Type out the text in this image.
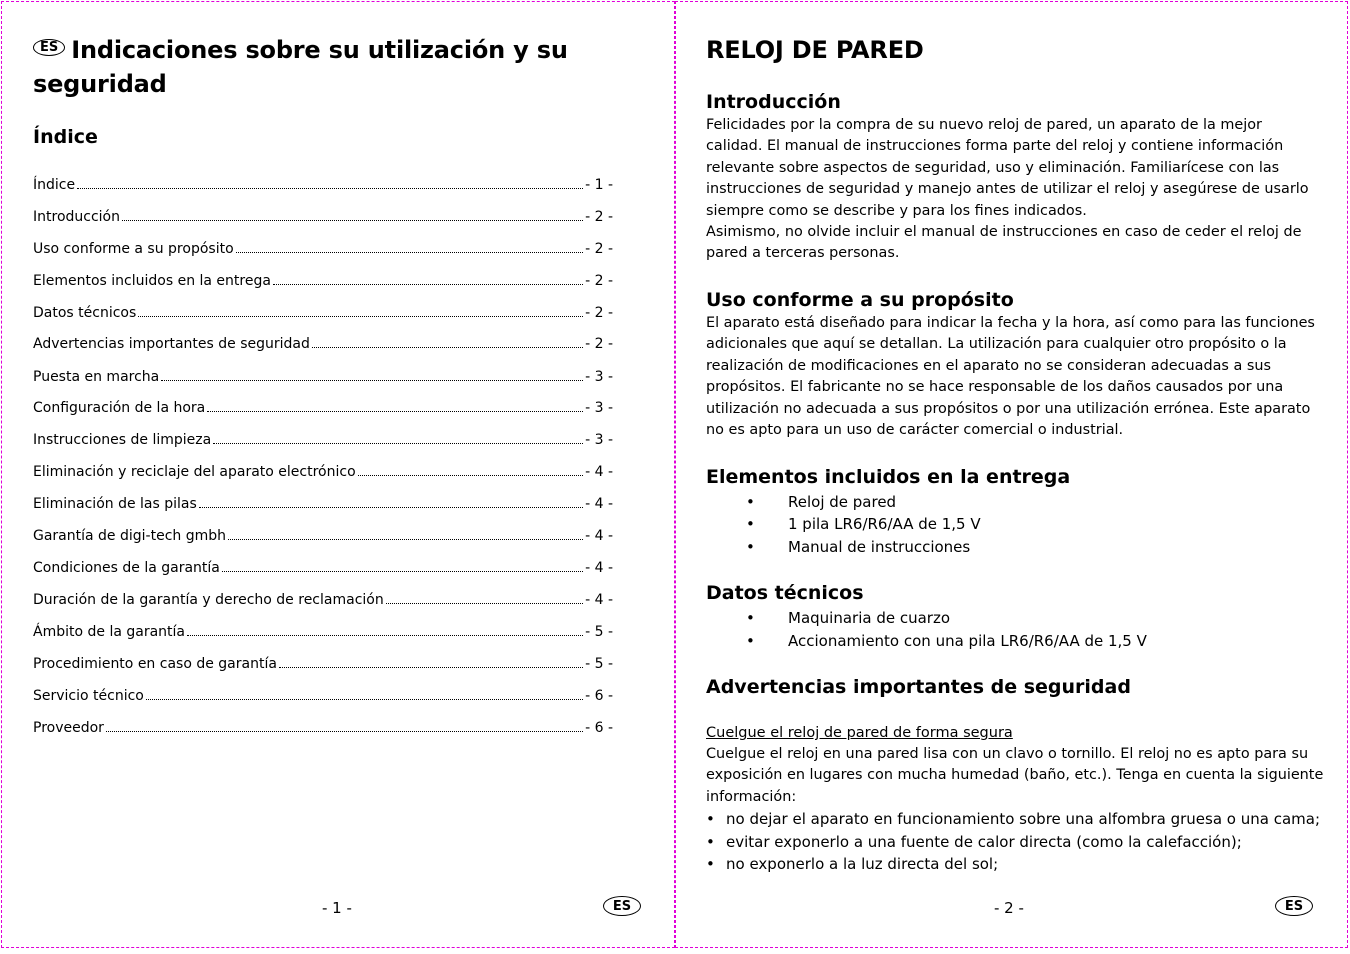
ES Indicaciones sobre su utilización y su
seguridad
Índice
Índice	- 1 -
Introducción	- 2 -
Uso conforme a su propósito	- 2 -
Elementos incluidos en la entrega	- 2 -
Datos técnicos	- 2 -
Advertencias importantes de seguridad	- 2 -
Puesta en marcha	- 3 -
Configuración de la hora	- 3 -
Instrucciones de limpieza	- 3 -
Eliminación y reciclaje del aparato electrónico	- 4 -
Eliminación de las pilas	- 4 -
Garantía de digi-tech gmbh	- 4 -
Condiciones de la garantía	- 4 -
Duración de la garantía y derecho de reclamación	- 4 -
Ámbito de la garantía	- 5 -
Procedimiento en caso de garantía	- 5 -
Servicio técnico	- 6 -
Proveedor	- 6 -
- 1 -	ES
RELOJ DE PARED
Introducción
Felicidades por la compra de su nuevo reloj de pared, un aparato de la mejor
calidad. El manual de instrucciones forma parte del reloj y contiene información
relevante sobre aspectos de seguridad, uso y eliminación. Familiarícese con las
instrucciones de seguridad y manejo antes de utilizar el reloj y asegúrese de usarlo
siempre como se describe y para los fines indicados.
Asimismo, no olvide incluir el manual de instrucciones en caso de ceder el reloj de
pared a terceras personas.
Uso conforme a su propósito
El aparato está diseñado para indicar la fecha y la hora, así como para las funciones
adicionales que aquí se detallan. La utilización para cualquier otro propósito o la
realización de modificaciones en el aparato no se consideran adecuadas a sus
propósitos. El fabricante no se hace responsable de los daños causados por una
utilización no adecuada a sus propósitos o por una utilización errónea. Este aparato
no es apto para un uso de carácter comercial o industrial.
Elementos incluidos en la entrega
• Reloj de pared
• 1 pila LR6/R6/AA de 1,5 V
• Manual de instrucciones
Datos técnicos
• Maquinaria de cuarzo
• Accionamiento con una pila LR6/R6/AA de 1,5 V
Advertencias importantes de seguridad
Cuelgue el reloj de pared de forma segura
Cuelgue el reloj en una pared lisa con un clavo o tornillo. El reloj no es apto para su
exposición en lugares con mucha humedad (baño, etc.). Tenga en cuenta la siguiente
información:
• no dejar el aparato en funcionamiento sobre una alfombra gruesa o una cama;
• evitar exponerlo a una fuente de calor directa (como la calefacción);
• no exponerlo a la luz directa del sol;
- 2 -	ES
